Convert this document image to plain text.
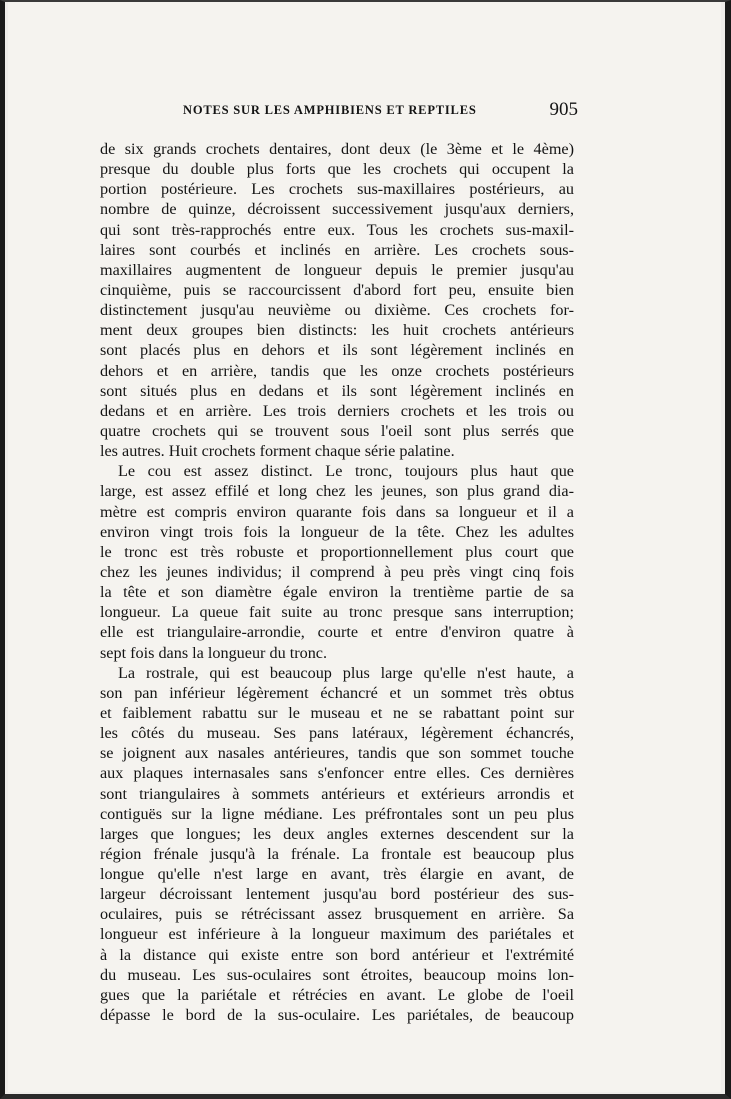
NOTES SUR LES AMPHIBIENS ET REPTILES	905
de six grands crochets dentaires, dont deux (le 3ème et le 4ème)
presque du double plus forts que les crochets qui occupent la
portion postérieure. Les crochets sus-maxillaires postérieurs, au
nombre de quinze, décroissent successivement jusqu'aux derniers,
qui sont très-rapprochés entre eux. Tous les crochets sus-maxil-
laires sont courbés et inclinés en arrière. Les crochets sous-
maxillaires augmentent de longueur depuis le premier jusqu'au
cinquième, puis se raccourcissent d'abord fort peu, ensuite bien
distinctement jusqu'au neuvième ou dixième. Ces crochets for-
ment deux groupes bien distincts: les huit crochets antérieurs
sont placés plus en dehors et ils sont légèrement inclinés en
dehors et en arrière, tandis que les onze crochets postérieurs
sont situés plus en dedans et ils sont légèrement inclinés en
dedans et en arrière. Les trois derniers crochets et les trois ou
quatre crochets qui se trouvent sous l'oeil sont plus serrés que
les autres. Huit crochets forment chaque série palatine.
Le cou est assez distinct. Le tronc, toujours plus haut que
large, est assez effilé et long chez les jeunes, son plus grand dia-
mètre est compris environ quarante fois dans sa longueur et il a
environ vingt trois fois la longueur de la tête. Chez les adultes
le tronc est très robuste et proportionnellement plus court que
chez les jeunes individus; il comprend à peu près vingt cinq fois
la tête et son diamètre égale environ la trentième partie de sa
longueur. La queue fait suite au tronc presque sans interruption;
elle est triangulaire-arrondie, courte et entre d'environ quatre à
sept fois dans la longueur du tronc.
La rostrale, qui est beaucoup plus large qu'elle n'est haute, a
son pan inférieur légèrement échancré et un sommet très obtus
et faiblement rabattu sur le museau et ne se rabattant point sur
les côtés du museau. Ses pans latéraux, légèrement échancrés,
se joignent aux nasales antérieures, tandis que son sommet touche
aux plaques internasales sans s'enfoncer entre elles. Ces dernières
sont triangulaires à sommets antérieurs et extérieurs arrondis et
contiguës sur la ligne médiane. Les préfrontales sont un peu plus
larges que longues; les deux angles externes descendent sur la
région frénale jusqu'à la frénale. La frontale est beaucoup plus
longue qu'elle n'est large en avant, très élargie en avant, de
largeur décroissant lentement jusqu'au bord postérieur des sus-
oculaires, puis se rétrécissant assez brusquement en arrière. Sa
longueur est inférieure à la longueur maximum des pariétales et
à la distance qui existe entre son bord antérieur et l'extrémité
du museau. Les sus-oculaires sont étroites, beaucoup moins lon-
gues que la pariétale et rétrécies en avant. Le globe de l'oeil
dépasse le bord de la sus-oculaire. Les pariétales, de beaucoup
